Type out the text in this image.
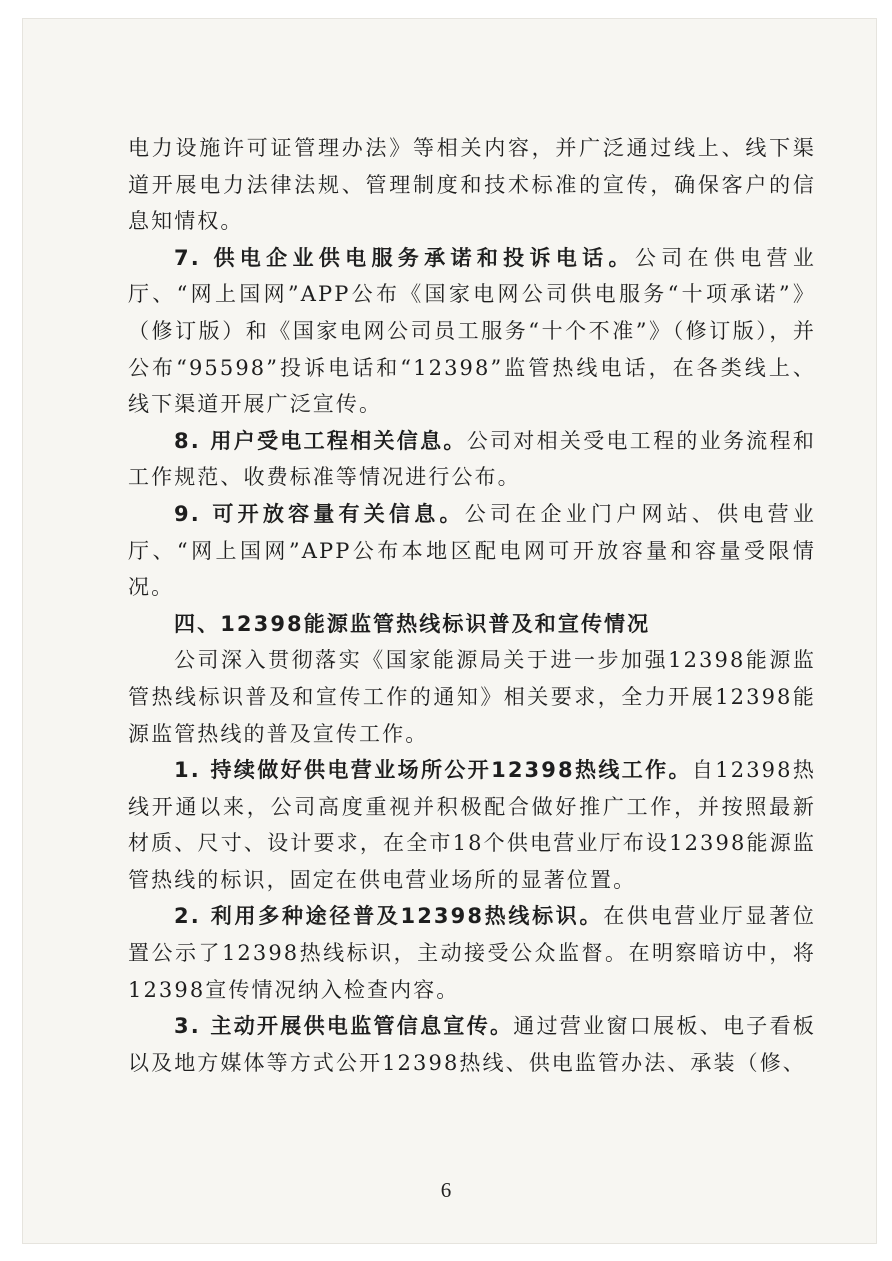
电力设施许可证管理办法》等相关内容，并广泛通过线上、线下渠道开展电力法律法规、管理制度和技术标准的宣传，确保客户的信息知情权。

7. 供电企业供电服务承诺和投诉电话。公司在供电营业厅、“网上国网”APP公布《国家电网公司供电服务“十项承诺”》（修订版）和《国家电网公司员工服务“十个不准”》（修订版），并公布“95598”投诉电话和“12398”监管热线电话，在各类线上、线下渠道开展广泛宣传。

8. 用户受电工程相关信息。公司对相关受电工程的业务流程和工作规范、收费标准等情况进行公布。

9. 可开放容量有关信息。公司在企业门户网站、供电营业厅、“网上国网”APP公布本地区配电网可开放容量和容量受限情况。

四、12398能源监管热线标识普及和宣传情况

公司深入贯彻落实《国家能源局关于进一步加强12398能源监管热线标识普及和宣传工作的通知》相关要求，全力开展12398能源监管热线的普及宣传工作。

1. 持续做好供电营业场所公开12398热线工作。自12398热线开通以来，公司高度重视并积极配合做好推广工作，并按照最新材质、尺寸、设计要求，在全市18个供电营业厅布设12398能源监管热线的标识，固定在供电营业场所的显著位置。

2. 利用多种途径普及12398热线标识。在供电营业厅显著位置公示了12398热线标识，主动接受公众监督。在明察暗访中，将12398宣传情况纳入检查内容。

3. 主动开展供电监管信息宣传。通过营业窗口展板、电子看板以及地方媒体等方式公开12398热线、供电监管办法、承装（修、

6
